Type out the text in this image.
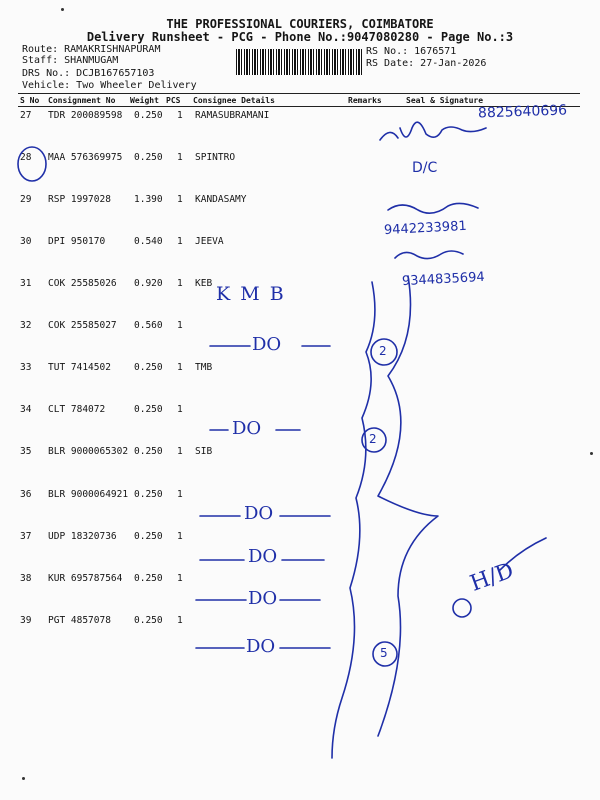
THE PROFESSIONAL COURIERS, COIMBATORE
Delivery Runsheet - PCG - Phone No.:9047080280 - Page No.:3
Route: RAMAKRISHNAPURAM
Staff: SHANMUGAM
DRS No.: DCJB167657103
Vehicle: Two Wheeler Delivery
RS No.: 1676571
RS Date: 27-Jan-2026
S No Consignment No Weight PCS Consignee Details	Remarks	Seal & Signature
27 TDR 200089598 0.250 1 RAMASUBRAMANI
28 MAA 576369975 0.250 1 SPINTRO
29 RSP 1997028 1.390 1 KANDASAMY
30 DPI 950170	0.540 1 JEEVA
31 COK 25585026 0.920 1 KEB
32 COK 25585027 0.560 1
33 TUT 7414502 0.250 1 TMB
34 CLT 784072	0.250 1
35 BLR 9000065302 0.250 1 SIB
36 BLR 9000064921 0.250 1
37 UDP 18320736 0.250 1
38 KUR 695787564 0.250 1
39 PGT 4857078 0.250 1
8825640696
D/C
9442233981
9344835694
K M B
DO
DO
DO
DO
DO
DO
2
2
5
H/D
